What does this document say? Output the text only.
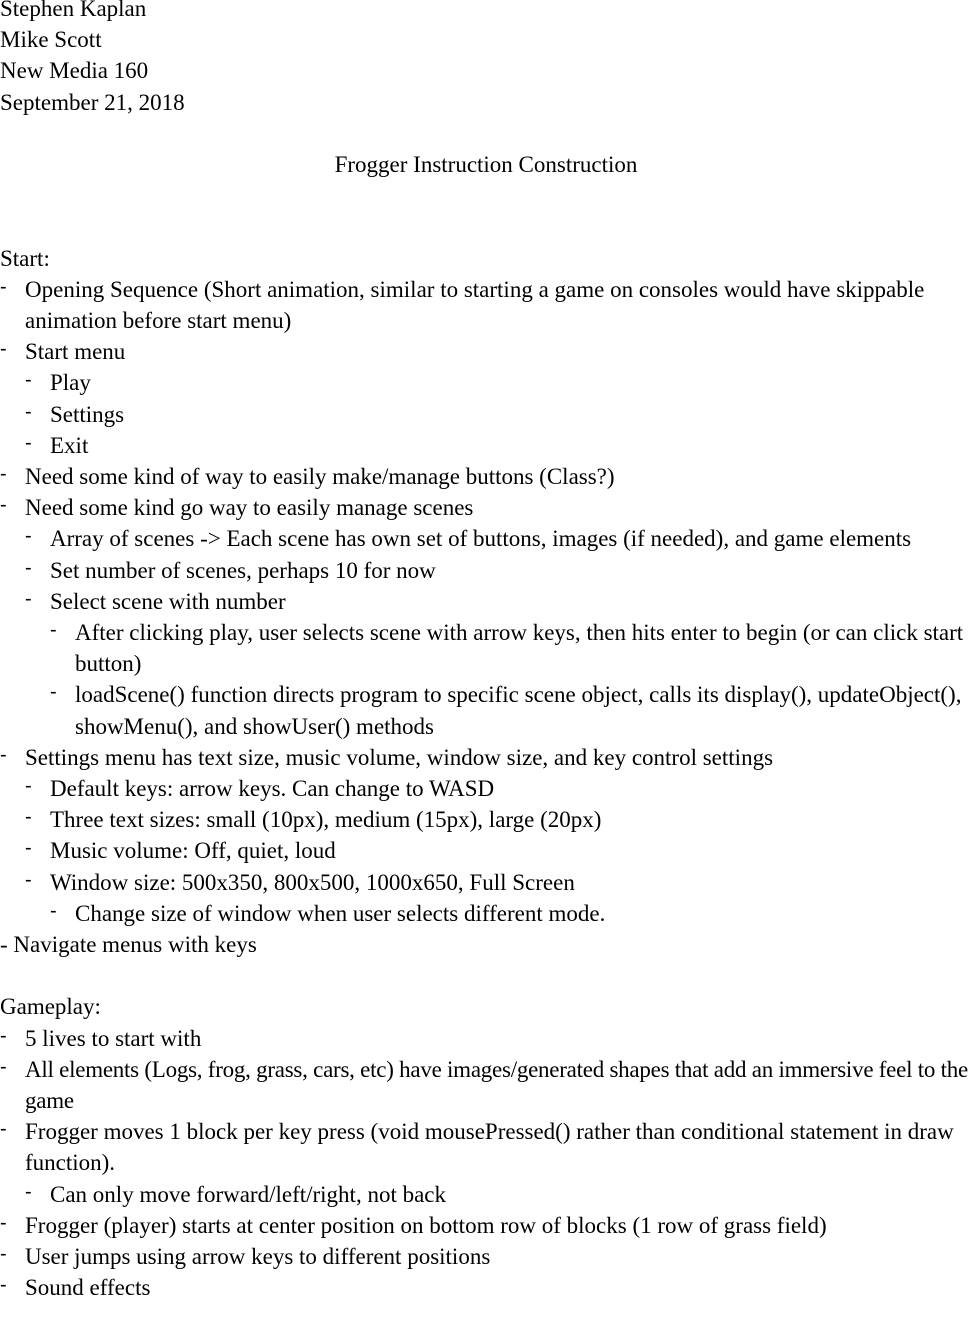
Stephen Kaplan
Mike Scott
New Media 160
September 21, 2018
Frogger Instruction Construction
Start:
- Opening Sequence (Short animation, similar to starting a game on consoles would have skippable animation before start menu)
- Start menu
- Play
- Settings
- Exit
- Need some kind of way to easily make/manage buttons (Class?)
- Need some kind go way to easily manage scenes
- Array of scenes -> Each scene has own set of buttons, images (if needed), and game elements
- Set number of scenes, perhaps 10 for now
- Select scene with number
- After clicking play, user selects scene with arrow keys, then hits enter to begin (or can click start button)
- loadScene() function directs program to specific scene object, calls its display(), updateObject(), showMenu(), and showUser() methods
- Settings menu has text size, music volume, window size, and key control settings
- Default keys: arrow keys. Can change to WASD
- Three text sizes: small (10px), medium (15px), large (20px)
- Music volume: Off, quiet, loud
- Window size: 500x350, 800x500, 1000x650, Full Screen
- Change size of window when user selects different mode.
- Navigate menus with keys
Gameplay:
- 5 lives to start with
- All elements (Logs, frog, grass, cars, etc) have images/generated shapes that add an immersive feel to the game
- Frogger moves 1 block per key press (void mousePressed() rather than conditional statement in draw function).
- Can only move forward/left/right, not back
- Frogger (player) starts at center position on bottom row of blocks (1 row of grass field)
- User jumps using arrow keys to different positions
- Sound effects
